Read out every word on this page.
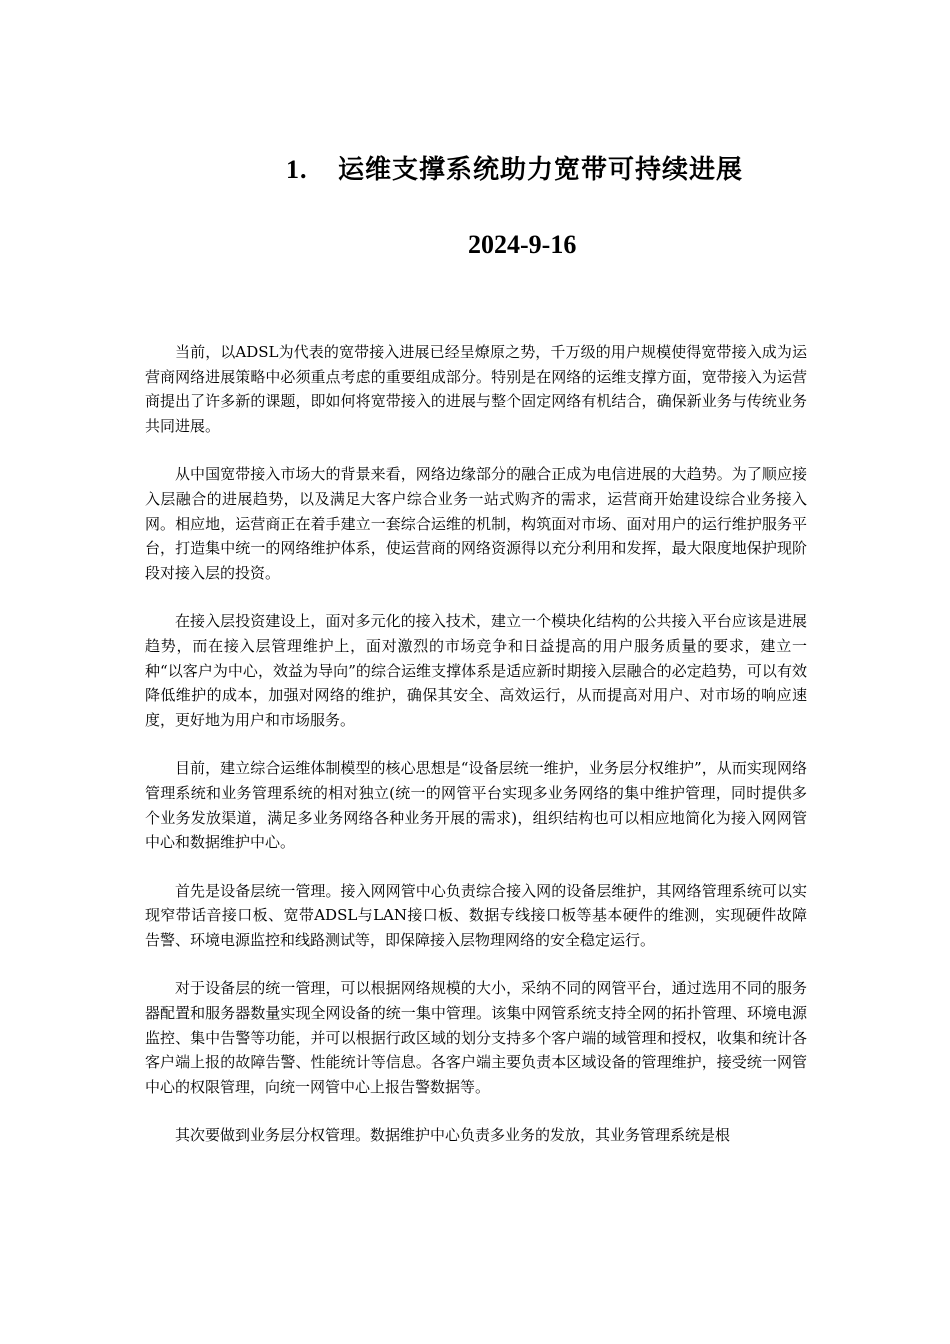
1. 运维支撑系统助力宽带可持续进展
2024-9-16

当前，以ADSL为代表的宽带接入进展已经呈燎原之势，千万级的用户规模使得宽带接入成为运营商网络进展策略中必须重点考虑的重要组成部分。特别是在网络的运维支撑方面，宽带接入为运营商提出了许多新的课题，即如何将宽带接入的进展与整个固定网络有机结合，确保新业务与传统业务共同进展。

从中国宽带接入市场大的背景来看，网络边缘部分的融合正成为电信进展的大趋势。为了顺应接入层融合的进展趋势，以及满足大客户综合业务一站式购齐的需求，运营商开始建设综合业务接入网。相应地，运营商正在着手建立一套综合运维的机制，构筑面对市场、面对用户的运行维护服务平台，打造集中统一的网络维护体系，使运营商的网络资源得以充分利用和发挥，最大限度地保护现阶段对接入层的投资。

在接入层投资建设上，面对多元化的接入技术，建立一个模块化结构的公共接入平台应该是进展趋势，而在接入层管理维护上，面对激烈的市场竞争和日益提高的用户服务质量的要求，建立一种“以客户为中心，效益为导向”的综合运维支撑体系是适应新时期接入层融合的必定趋势，可以有效降低维护的成本，加强对网络的维护，确保其安全、高效运行，从而提高对用户、对市场的响应速度，更好地为用户和市场服务。

目前，建立综合运维体制模型的核心思想是“设备层统一维护，业务层分权维护”，从而实现网络管理系统和业务管理系统的相对独立(统一的网管平台实现多业务网络的集中维护管理，同时提供多个业务发放渠道，满足多业务网络各种业务开展的需求)，组织结构也可以相应地简化为接入网网管中心和数据维护中心。

首先是设备层统一管理。接入网网管中心负责综合接入网的设备层维护，其网络管理系统可以实现窄带话音接口板、宽带ADSL与LAN接口板、数据专线接口板等基本硬件的维测，实现硬件故障告警、环境电源监控和线路测试等，即保障接入层物理网络的安全稳定运行。

对于设备层的统一管理，可以根据网络规模的大小，采纳不同的网管平台，通过选用不同的服务器配置和服务器数量实现全网设备的统一集中管理。该集中网管系统支持全网的拓扑管理、环境电源监控、集中告警等功能，并可以根据行政区域的划分支持多个客户端的域管理和授权，收集和统计各客户端上报的故障告警、性能统计等信息。各客户端主要负责本区域设备的管理维护，接受统一网管中心的权限管理，向统一网管中心上报告警数据等。

其次要做到业务层分权管理。数据维护中心负责多业务的发放，其业务管理系统是根
